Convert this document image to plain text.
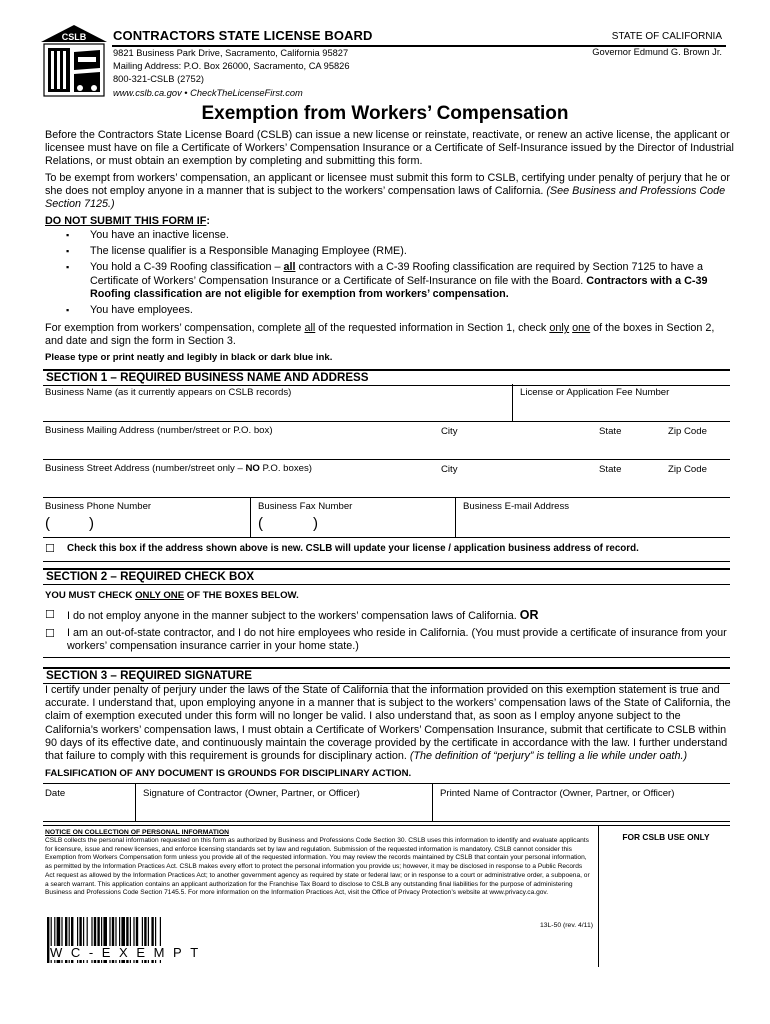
CSLB CONTRACTORS STATE LICENSE BOARD	STATE OF CALIFORNIA
9821 Business Park Drive, Sacramento, California 95827
Mailing Address: P.O. Box 26000, Sacramento, CA 95826
800-321-CSLB (2752)
www.cslb.ca.gov • CheckTheLicenseFirst.com
Governor Edmund G. Brown Jr.
Exemption from Workers’ Compensation
Before the Contractors State License Board (CSLB) can issue a new license or reinstate, reactivate, or renew an active license, the applicant or licensee must have on file a Certificate of Workers’ Compensation Insurance or a Certificate of Self-Insurance issued by the Director of Industrial Relations, or must obtain an exemption by completing and submitting this form.
To be exempt from workers’ compensation, an applicant or licensee must submit this form to CSLB, certifying under penalty of perjury that he or she does not employ anyone in a manner that is subject to the workers’ compensation laws of California. (See Business and Professions Code Section 7125.)
DO NOT SUBMIT THIS FORM IF:
▪ You have an inactive license.
▪ The license qualifier is a Responsible Managing Employee (RME).
▪ You hold a C-39 Roofing classification – all contractors with a C-39 Roofing classification are required by Section 7125 to have a Certificate of Workers’ Compensation Insurance or a Certificate of Self-Insurance on file with the Board. Contractors with a C-39 Roofing classification are not eligible for exemption from workers’ compensation.
▪ You have employees.
For exemption from workers’ compensation, complete all of the requested information in Section 1, check only one of the boxes in Section 2, and date and sign the form in Section 3.
Please type or print neatly and legibly in black or dark blue ink.
SECTION 1 – REQUIRED BUSINESS NAME AND ADDRESS
Business Name (as it currently appears on CSLB records)	License or Application Fee Number
Business Mailing Address (number/street or P.O. box)	City	State	Zip Code
Business Street Address (number/street only – NO P.O. boxes)	City	State	Zip Code
Business Phone Number	Business Fax Number	Business E-mail Address
(	)	(	)
☐ Check this box if the address shown above is new. CSLB will update your license / application business address of record.
SECTION 2 – REQUIRED CHECK BOX
YOU MUST CHECK ONLY ONE OF THE BOXES BELOW.
☐ I do not employ anyone in the manner subject to the workers’ compensation laws of California. OR
☐ I am an out-of-state contractor, and I do not hire employees who reside in California. (You must provide a certificate of insurance from your workers’ compensation insurance carrier in your home state.)
SECTION 3 – REQUIRED SIGNATURE
I certify under penalty of perjury under the laws of the State of California that the information provided on this exemption statement is true and accurate. I understand that, upon employing anyone in a manner that is subject to the workers’ compensation laws of the State of California, the claim of exemption executed under this form will no longer be valid. I also understand that, as soon as I employ anyone subject to the California’s workers’ compensation laws, I must obtain a Certificate of Workers’ Compensation Insurance, submit that certificate to CSLB within 90 days of its effective date, and continuously maintain the coverage provided by the certificate in accordance with the law. I further understand that failure to comply with this requirement is grounds for disciplinary action. (The definition of “perjury” is telling a lie while under oath.)
FALSIFICATION OF ANY DOCUMENT IS GROUNDS FOR DISCIPLINARY ACTION.
Date	Signature of Contractor (Owner, Partner, or Officer)	Printed Name of Contractor (Owner, Partner, or Officer)
NOTICE ON COLLECTION OF PERSONAL INFORMATION
CSLB collects the personal information requested on this form as authorized by Business and Professions Code Section 30. CSLB uses this information to identify and evaluate applicants for licensure, issue and renew licenses, and enforce licensing standards set by law and regulation. Submission of the requested information is mandatory. CSLB cannot consider this Exemption from Workers Compensation form unless you provide all of the requested information. You may review the records maintained by CSLB that contain your personal information, as permitted by the Information Practices Act. CSLB makes every effort to protect the personal information you provide us; however, it may be disclosed in response to a Public Records Act request as allowed by the Information Practices Act; to another government agency as required by state or federal law; or in response to a court or administrative order, a subpoena, or a search warrant. This application contains an applicant authorization for the Franchise Tax Board to disclose to CSLB any outstanding final liabilities for the purpose of administering Business and Professions Code Section 7145.5. For more information on the Information Practices Act, visit the Office of Privacy Protection’s website at www.privacy.ca.gov.
FOR CSLB USE ONLY
13L-50 (rev. 4/11)
WC-EXEMPT
